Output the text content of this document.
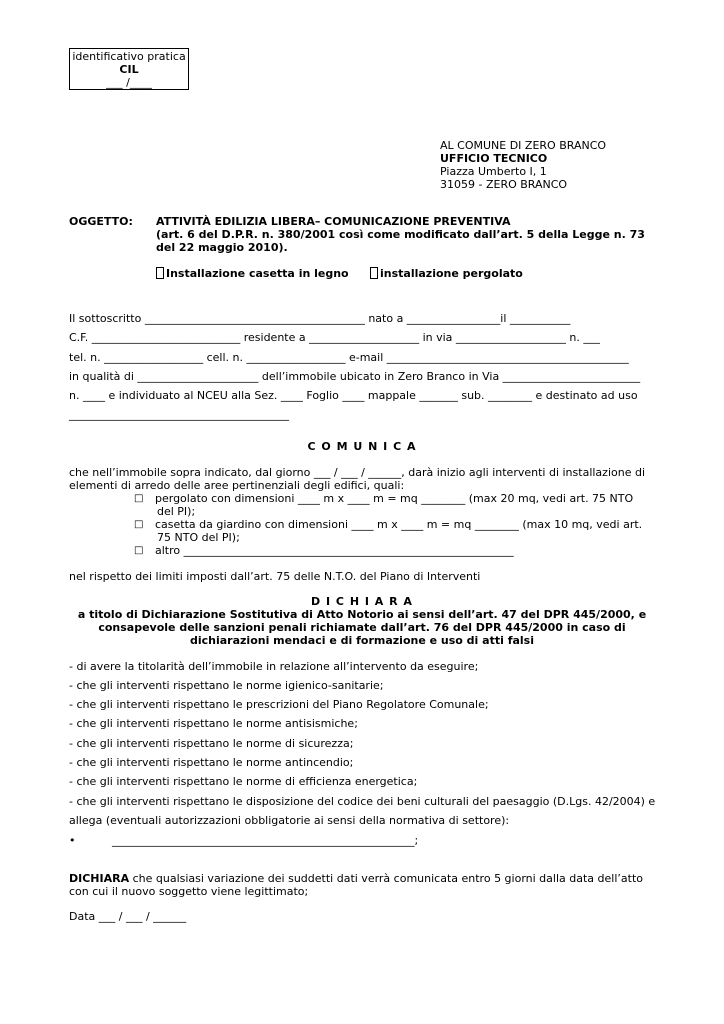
identificativo pratica
CIL
___ /____
AL COMUNE DI ZERO BRANCO
UFFICIO TECNICO
Piazza Umberto I, 1
31059 - ZERO BRANCO
OGGETTO: ATTIVITÀ EDILIZIA LIBERA– COMUNICAZIONE PREVENTIVA
(art. 6 del D.P.R. n. 380/2001 così come modificato dall’art. 5 della Legge n. 73
del 22 maggio 2010).
Installazione casetta in legno	installazione pergolato
Il sottoscritto ________________________________________ nato a _________________il ___________
C.F. ___________________________ residente a ____________________ in via ____________________ n. ___
tel. n. __________________ cell. n. __________________ e-mail ____________________________________________
in qualità di ______________________ dell’immobile ubicato in Zero Branco in Via _________________________
n. ____ e individuato al NCEU alla Sez. ____ Foglio ____ mappale _______ sub. ________ e destinato ad uso
________________________________________
C O M U N I C A
che nell’immobile sopra indicato, dal giorno ___ / ___ / ______, darà inizio agli interventi di installazione di
elementi di arredo delle aree pertinenziali degli edifici, quali:
□ pergolato con dimensioni ____ m x ____ m = mq ________ (max 20 mq, vedi art. 75 NTO
del PI);
□ casetta da giardino con dimensioni ____ m x ____ m = mq ________ (max 10 mq, vedi art.
75 NTO del PI);
□ altro ____________________________________________________________
nel rispetto dei limiti imposti dall’art. 75 delle N.T.O. del Piano di Interventi
D I C H I A R A
a titolo di Dichiarazione Sostitutiva di Atto Notorio ai sensi dell’art. 47 del DPR 445/2000, e
consapevole delle sanzioni penali richiamate dall’art. 76 del DPR 445/2000 in caso di
dichiarazioni mendaci e di formazione e uso di atti falsi
- di avere la titolarità dell’immobile in relazione all’intervento da eseguire;
- che gli interventi rispettano le norme igienico-sanitarie;
- che gli interventi rispettano le prescrizioni del Piano Regolatore Comunale;
- che gli interventi rispettano le norme antisismiche;
- che gli interventi rispettano le norme di sicurezza;
- che gli interventi rispettano le norme antincendio;
- che gli interventi rispettano le norme di efficienza energetica;
- che gli interventi rispettano le disposizione del codice dei beni culturali del paesaggio (D.Lgs. 42/2004) e
allega (eventuali autorizzazioni obbligatorie ai sensi della normativa di settore):
•	_______________________________________________________;
DICHIARA che qualsiasi variazione dei suddetti dati verrà comunicata entro 5 giorni dalla data dell’atto
con cui il nuovo soggetto viene legittimato;
Data ___ / ___ / ______
